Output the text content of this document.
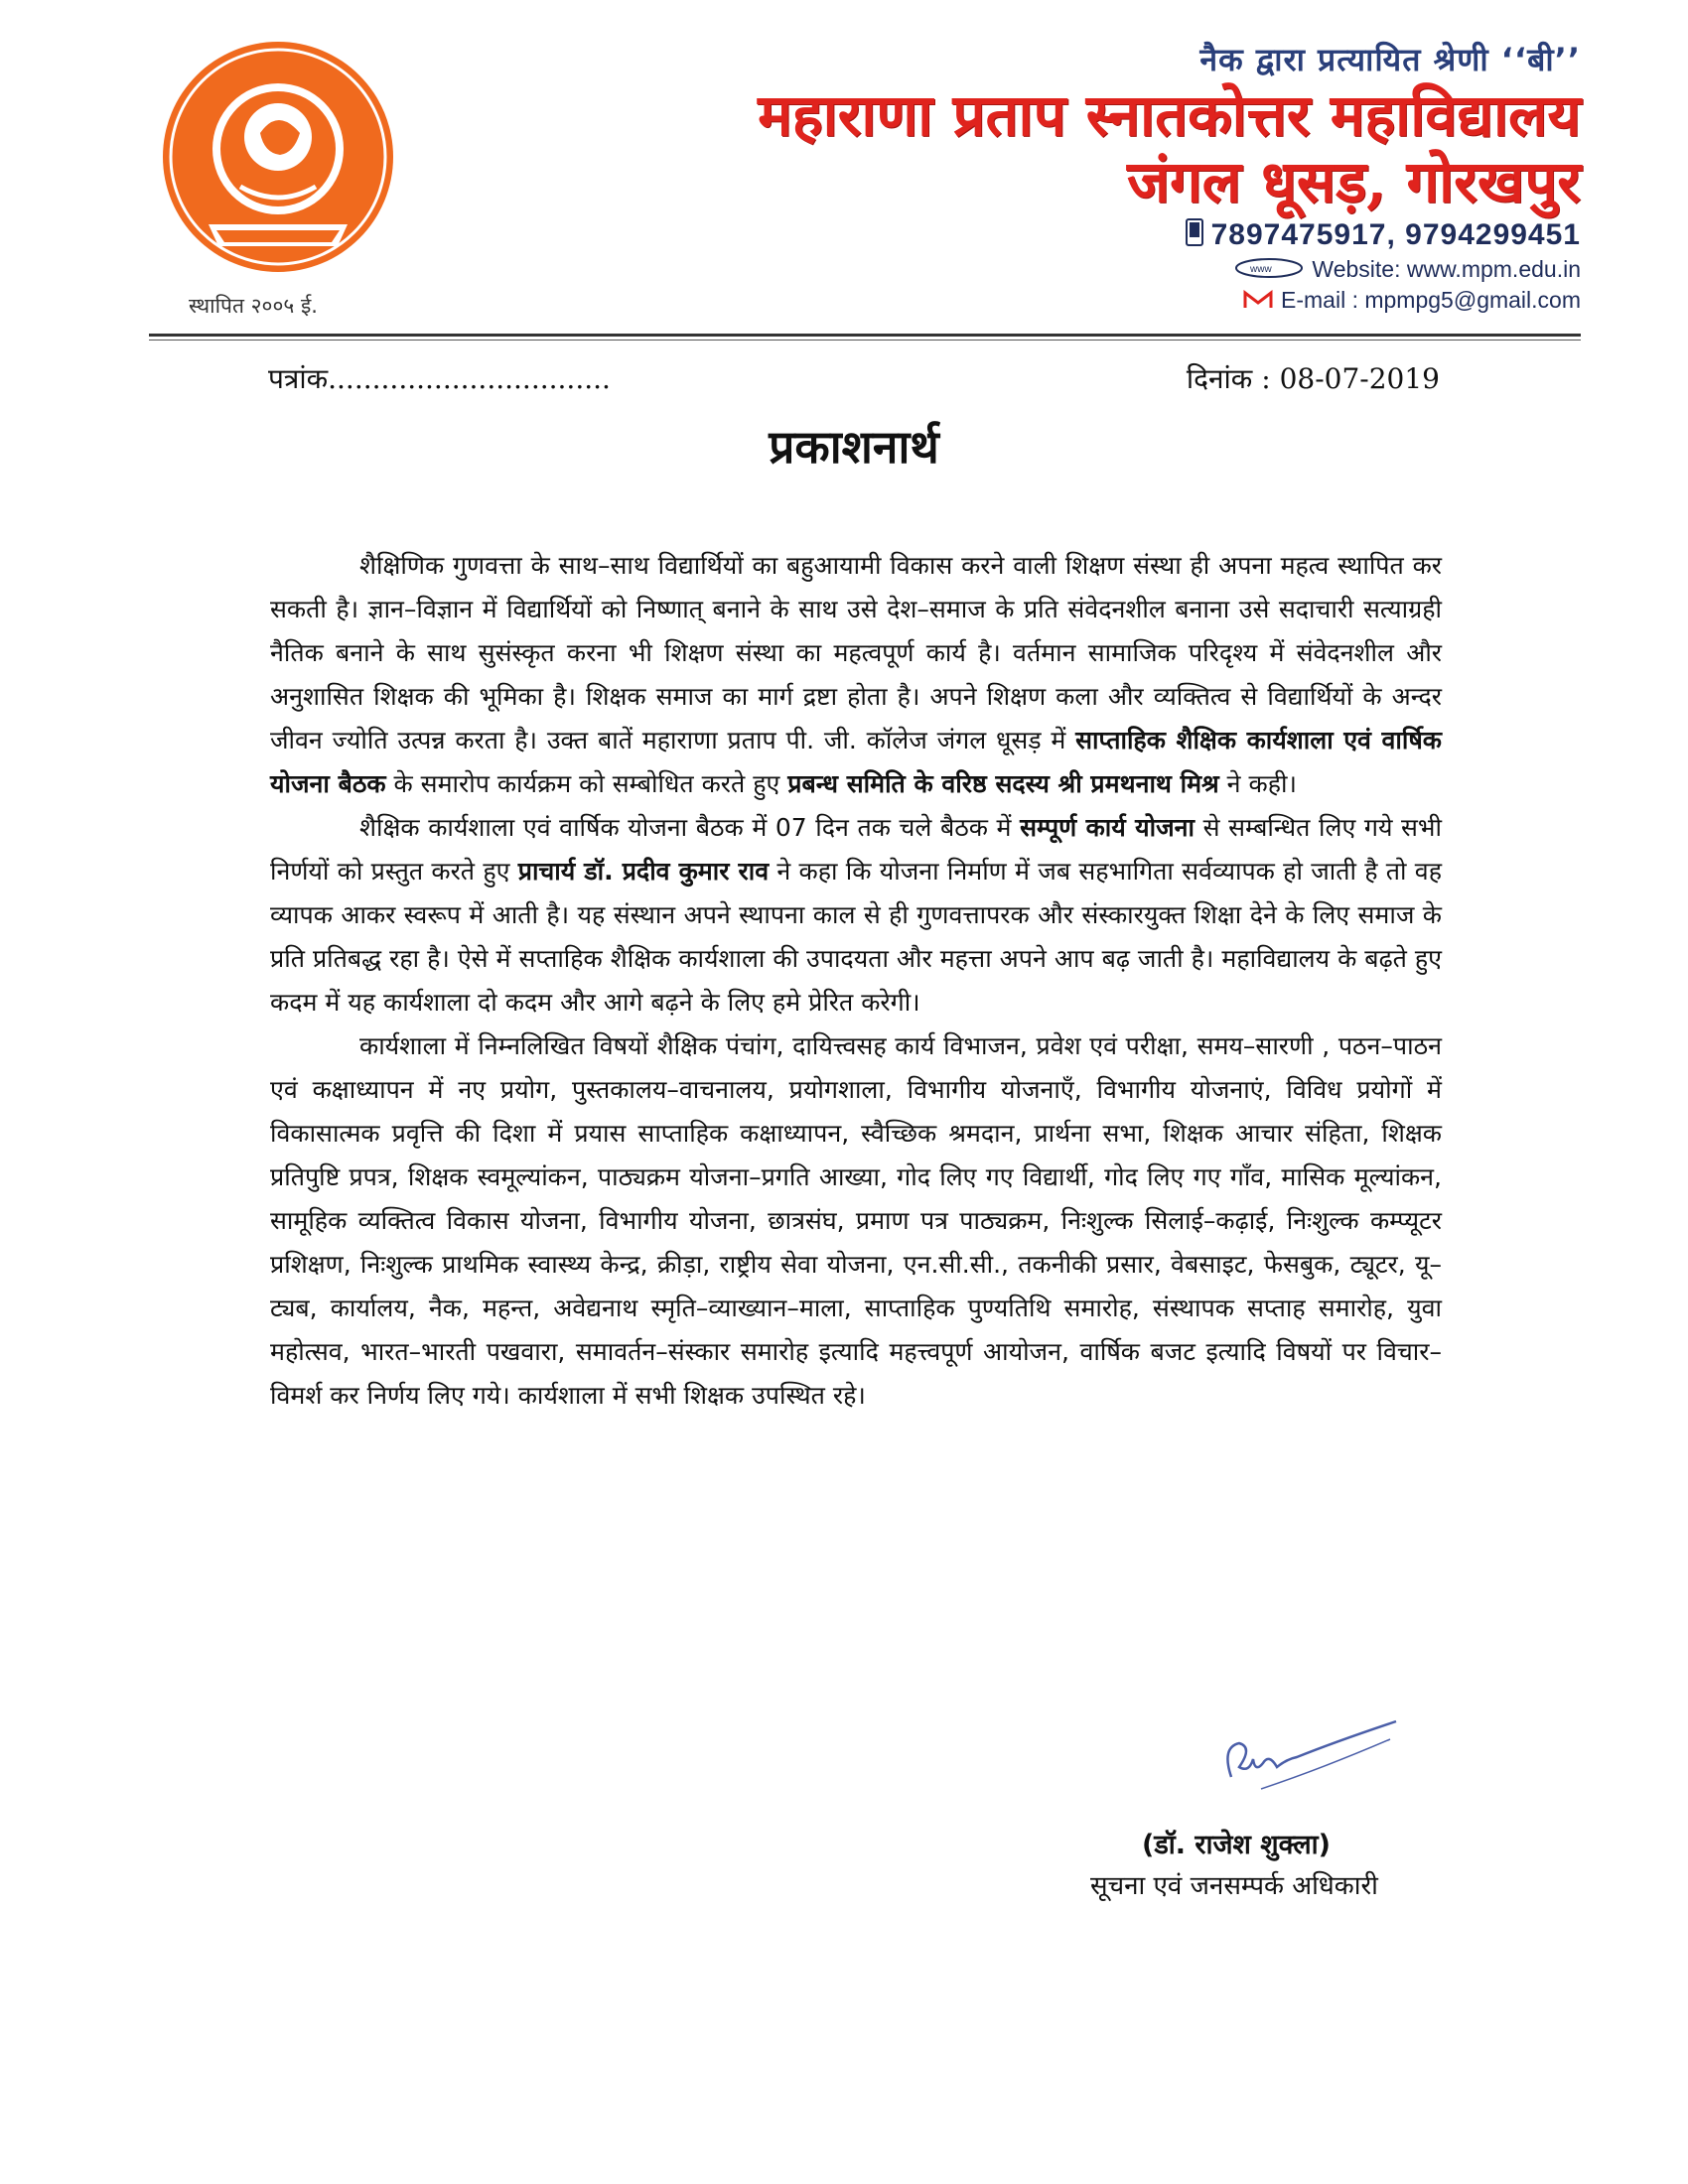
स्थापित २००५ ई.
नैक द्वारा प्रत्यायित श्रेणी ‘‘बी’’
महाराणा प्रताप स्नातकोत्तर महाविद्यालय
जंगल धूसड़, गोरखपुर
7897475917, 9794299451
www Website: www.mpm.edu.in
E-mail : mpmpg5@gmail.com
पत्रांक................................	दिनांक : 08-07-2019
प्रकाशनार्थ

शैक्षिणिक गुणवत्ता के साथ–साथ विद्यार्थियों का बहुआयामी विकास करने वाली शिक्षण संस्था ही अपना महत्व स्थापित कर सकती है। ज्ञान–विज्ञान में विद्यार्थियों को निष्णात् बनाने के साथ उसे देश–समाज के प्रति संवेदनशील बनाना उसे सदाचारी सत्याग्रही नैतिक बनाने के साथ सुसंस्कृत करना भी शिक्षण संस्था का महत्वपूर्ण कार्य है। वर्तमान सामाजिक परिदृश्य में संवेदनशील और अनुशासित शिक्षक की भूमिका है। शिक्षक समाज का मार्ग द्रष्टा होता है। अपने शिक्षण कला और व्यक्तित्व से विद्यार्थियों के अन्दर जीवन ज्योति उत्पन्न करता है। उक्त बातें महाराणा प्रताप पी. जी. कॉलेज जंगल धूसड़ में साप्ताहिक शैक्षिक कार्यशाला एवं वार्षिक योजना बैठक के समारोप कार्यक्रम को सम्बोधित करते हुए प्रबन्ध समिति के वरिष्ठ सदस्य श्री प्रमथनाथ मिश्र ने कही।

शैक्षिक कार्यशाला एवं वार्षिक योजना बैठक में 07 दिन तक चले बैठक में सम्पूर्ण कार्य योजना से सम्बन्धित लिए गये सभी निर्णयों को प्रस्तुत करते हुए प्राचार्य डॉ. प्रदीव कुमार राव ने कहा कि योजना निर्माण में जब सहभागिता सर्वव्यापक हो जाती है तो वह व्यापक आकर स्वरूप में आती है। यह संस्थान अपने स्थापना काल से ही गुणवत्तापरक और संस्कारयुक्त शिक्षा देने के लिए समाज के प्रति प्रतिबद्ध रहा है। ऐसे में सप्ताहिक शैक्षिक कार्यशाला की उपादयता और महत्ता अपने आप बढ़ जाती है। महाविद्यालय के बढ़ते हुए कदम में यह कार्यशाला दो कदम और आगे बढ़ने के लिए हमे प्रेरित करेगी।

कार्यशाला में निम्नलिखित विषयों शैक्षिक पंचांग, दायित्त्वसह कार्य विभाजन, प्रवेश एवं परीक्षा, समय–सारणी , पठन–पाठन एवं कक्षाध्यापन में नए प्रयोग, पुस्तकालय–वाचनालय, प्रयोगशाला, विभागीय योजनाएँ, विभागीय योजनाएं, विविध प्रयोगों में विकासात्मक प्रवृत्ति की दिशा में प्रयास साप्ताहिक कक्षाध्यापन, स्वैच्छिक श्रमदान, प्रार्थना सभा, शिक्षक आचार संहिता, शिक्षक प्रतिपुष्टि प्रपत्र, शिक्षक स्वमूल्यांकन, पाठ्यक्रम योजना–प्रगति आख्या, गोद लिए गए विद्यार्थी, गोद लिए गए गाँव, मासिक मूल्यांकन, सामूहिक व्यक्तित्व विकास योजना, विभागीय योजना, छात्रसंघ, प्रमाण पत्र पाठ्यक्रम, निःशुल्क सिलाई–कढ़ाई, निःशुल्क कम्प्यूटर प्रशिक्षण, निःशुल्क प्राथमिक स्वास्थ्य केन्द्र, क्रीड़ा, राष्ट्रीय सेवा योजना, एन.सी.सी., तकनीकी प्रसार, वेबसाइट, फेसबुक, ट्यूटर, यू–ट्यब, कार्यालय, नैक, महन्त, अवेद्यनाथ स्मृति–व्याख्यान–माला, साप्ताहिक पुण्यतिथि समारोह, संस्थापक सप्ताह समारोह, युवा महोत्सव, भारत–भारती पखवारा, समावर्तन–संस्कार समारोह इत्यादि महत्त्वपूर्ण आयोजन, वार्षिक बजट इत्यादि विषयों पर विचार–विमर्श कर निर्णय लिए गये। कार्यशाला में सभी शिक्षक उपस्थित रहे।

(डॉ. राजेश शुक्ला)
सूचना एवं जनसम्पर्क अधिकारी
